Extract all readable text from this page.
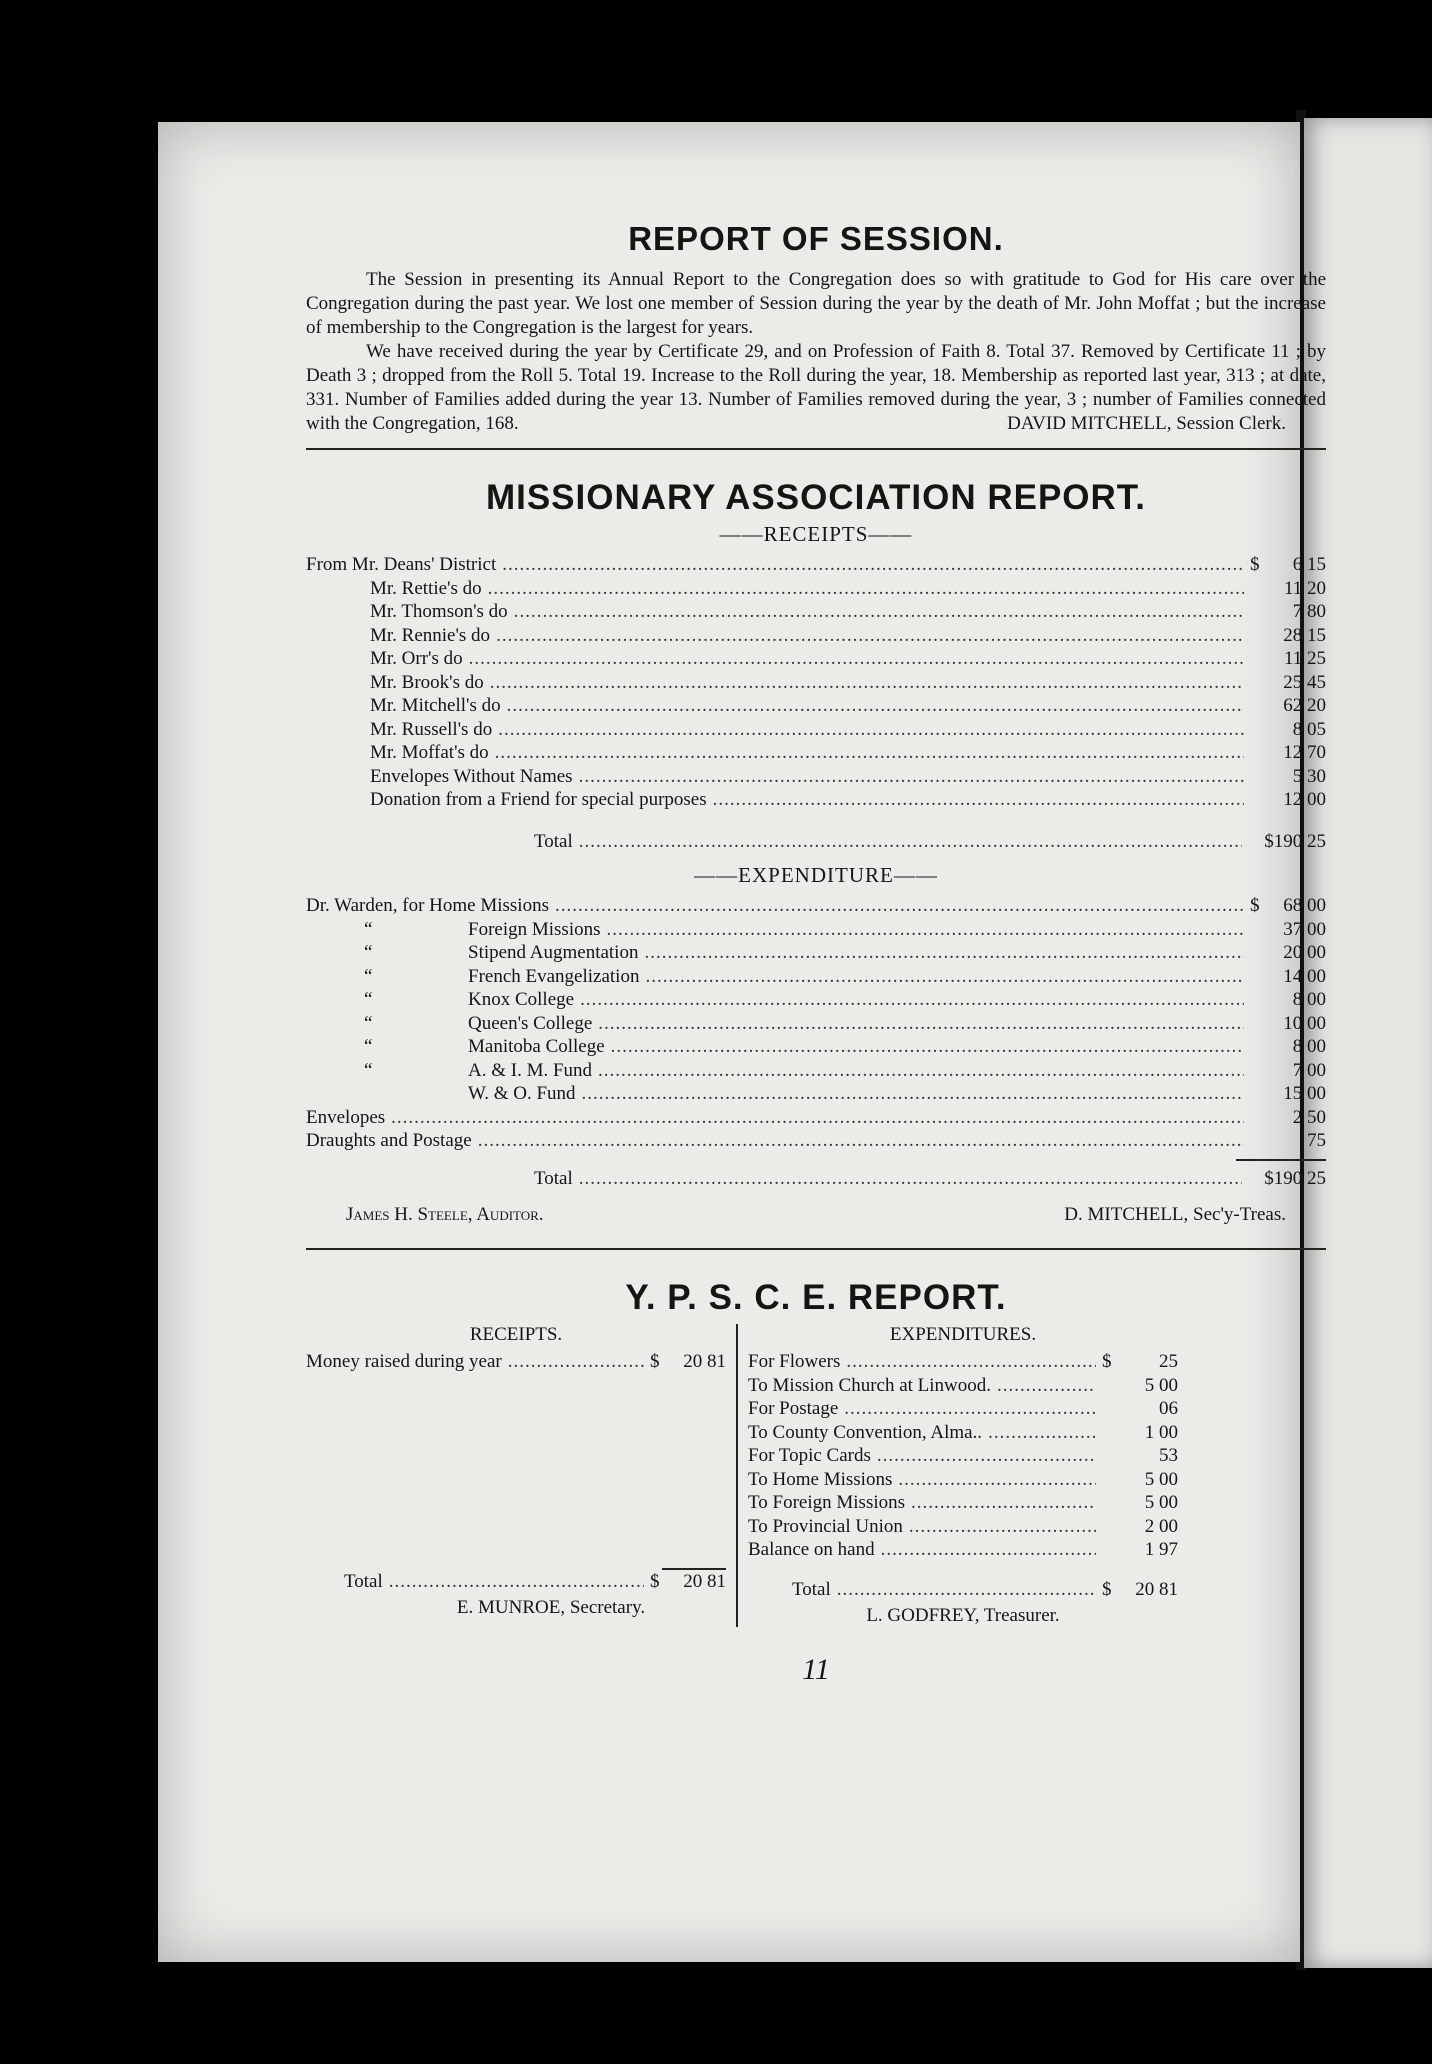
REPORT OF SESSION.

The Session in presenting its Annual Report to the Congregation does so with gratitude to God for His care over the Congregation during the past year. We lost one member of Session during the year by the death of Mr. John Moffat ; but the increase of membership to the Congregation is the largest for years.

We have received during the year by Certificate 29, and on Profession of Faith 8. Total 37. Removed by Certificate 11 ; by Death 3 ; dropped from the Roll 5. Total 19. Increase to the Roll during the year, 18. Membership as reported last year, 313 ; at date, 331. Number of Families added during the year 13. Number of Families removed during the year, 3 ; number of Families connected with the Congregation, 168.	DAVID MITCHELL, Session Clerk.

MISSIONARY ASSOCIATION REPORT.
——RECEIPTS——
From Mr. Deans' District .....	$	6 15
Mr. Rettie's do .....	11 20
Mr. Thomson's do .....	7 80
Mr. Rennie's do .....	28 15
Mr. Orr's do .....	11 25
Mr. Brook's do .....	25 45
Mr. Mitchell's do .....	62 20
Mr. Russell's do .....	8 05
Mr. Moffat's do .....	12 70
Envelopes Without Names .....	5 30
Donation from a Friend for special purposes .....	12 00
Total .....	$190 25
——EXPENDITURE——
Dr. Warden, for Home Missions .....	$	68 00
“	Foreign Missions .....	37 00
“	Stipend Augmentation .....	20 00
“	French Evangelization .....	14 00
“	Knox College .....	8 00
“	Queen's College .....	10 00
“	Manitoba College .....	8 00
“	A. & I. M. Fund .....	7 00
W. & O. Fund .....	15 00
Envelopes .....	2 50
Draughts and Postage .....	75
Total .....	$190 25
James H. Steele, Auditor.	D. MITCHELL, Sec'y-Treas.
Y. P. S. C. E. REPORT.
RECEIPTS.
Money raised during year .....	$	20 81
Total .....	$	20 81
E. MUNROE, Secretary.
EXPENDITURES.
For Flowers .....	$	25
To Mission Church at Linwood. .....	5 00
For Postage .....	06
To County Convention, Alma.. .....	1 00
For Topic Cards .....	53
To Home Missions .....	5 00
To Foreign Missions .....	5 00
To Provincial Union .....	2 00
Balance on hand .....	1 97
Total .....	$	20 81
L. GODFREY, Treasurer.
11
